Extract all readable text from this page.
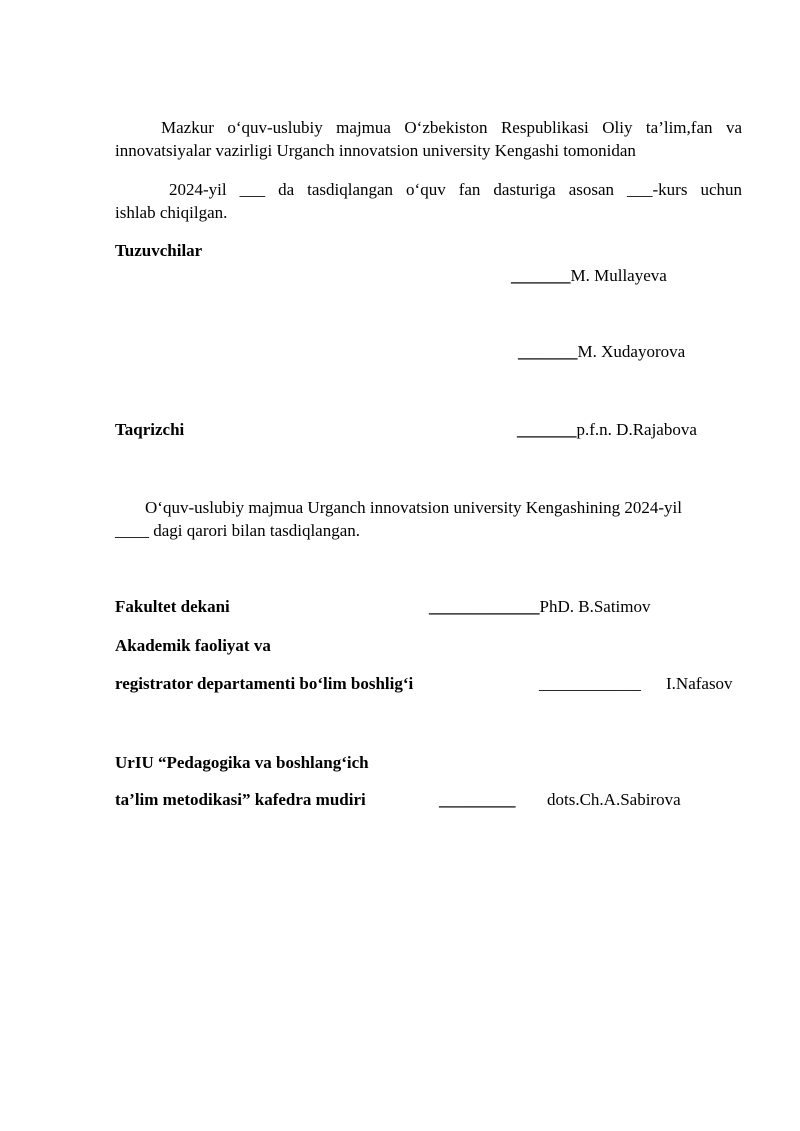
Mazkur o‘quv-uslubiy majmua O‘zbekiston Respublikasi Oliy ta’lim,fan va
innovatsiyalar vazirligi Urganch innovatsion university Kengashi tomonidan
2024-yil ___ da tasdiqlangan o‘quv fan dasturiga asosan ___-kurs uchun
ishlab chiqilgan.
Tuzuvchilar
_______M. Mullayeva
_______M. Xudayorova
Taqrizchi	_______p.f.n. D.Rajabova
O‘quv-uslubiy majmua Urganch innovatsion university Kengashining 2024-yil
____ dagi qarori bilan tasdiqlangan.
Fakultet dekani	_____________PhD. B.Satimov
Akademik faoliyat va
registrator departamenti bo‘lim boshlig‘i	____________ I.Nafasov
UrIU “Pedagogika va boshlang‘ich
ta’lim metodikasi” kafedra mudiri	_________ dots.Ch.A.Sabirova
